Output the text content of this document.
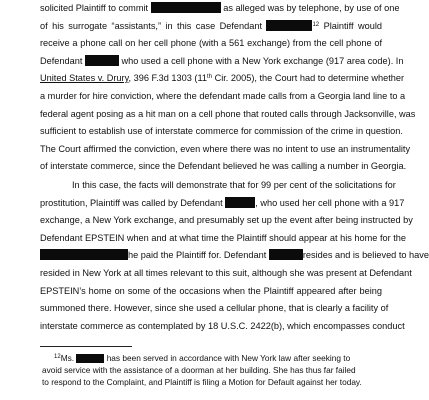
solicited Plaintiff to commit	as alleged was by telephone, by use of one
of his surrogate “assistants,” in this case Defendant	$^{12}$ Plaintiff would
receive a phone call on her cell phone (with a 561 exchange) from the cell phone of
Defendant	who used a cell phone with a New York exchange (917 area code). In
United States v. Drury, 396 F.3d 1303 (11th Cir. 2005), the Court had to determine whether
a murder for hire conviction, where the defendant made calls from a Georgia land line to a
federal agent posing as a hit man on a cell phone that routed calls through Jacksonville, was
sufficient to establish use of interstate commerce for commission of the crime in question.
The Court affirmed the conviction, even where there was no intent to use an instrumentality
of interstate commerce, since the Defendant believed he was calling a number in Georgia.
In this case, the facts will demonstrate that for 99 per cent of the solicitations for
prostitution, Plaintiff was called by Defendant	, who used her cell phone with a 917
exchange, a New York exchange, and presumably set up the event after being instructed by
Defendant EPSTEIN when and at what time the Plaintiff should appear at his home for the
he paid the Plaintiff for. Defendant	resides and is believed to have
resided in New York at all times relevant to this suit, although she was present at Defendant
EPSTEIN’s home on some of the occasions when the Plaintiff appeared after being
summoned there. However, since she used a cellular phone, that is clearly a facility of
interstate commerce as contemplated by 18 U.S.C. 2422(b), which encompasses conduct
$^{12}$Ms.	has been served in accordance with New York law after seeking to
avoid service with the assistance of a doorman at her building. She has thus far failed
to respond to the Complaint, and Plaintiff is filing a Motion for Default against her today.
